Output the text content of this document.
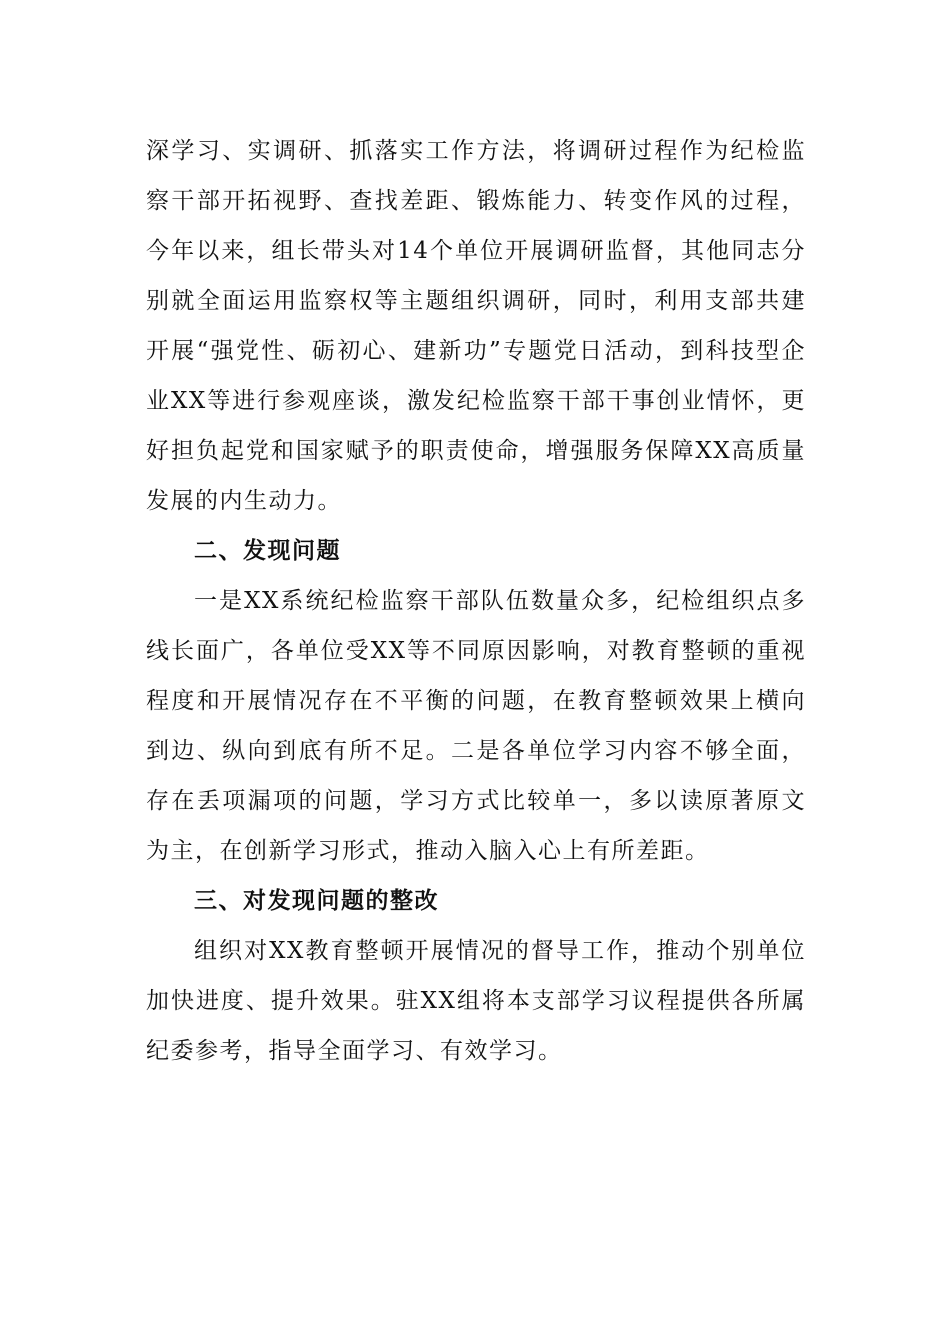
深学习、实调研、抓落实工作方法，将调研过程作为纪检监察干部开拓视野、查找差距、锻炼能力、转变作风的过程，今年以来，组长带头对14个单位开展调研监督，其他同志分别就全面运用监察权等主题组织调研，同时，利用支部共建开展“强党性、砺初心、建新功”专题党日活动，到科技型企业XX等进行参观座谈，激发纪检监察干部干事创业情怀，更好担负起党和国家赋予的职责使命，增强服务保障XX高质量发展的内生动力。

二、发现问题

一是XX系统纪检监察干部队伍数量众多，纪检组织点多线长面广，各单位受XX等不同原因影响，对教育整顿的重视程度和开展情况存在不平衡的问题，在教育整顿效果上横向到边、纵向到底有所不足。二是各单位学习内容不够全面，存在丢项漏项的问题，学习方式比较单一，多以读原著原文为主，在创新学习形式，推动入脑入心上有所差距。

三、对发现问题的整改

组织对XX教育整顿开展情况的督导工作，推动个别单位加快进度、提升效果。驻XX组将本支部学习议程提供各所属纪委参考，指导全面学习、有效学习。
